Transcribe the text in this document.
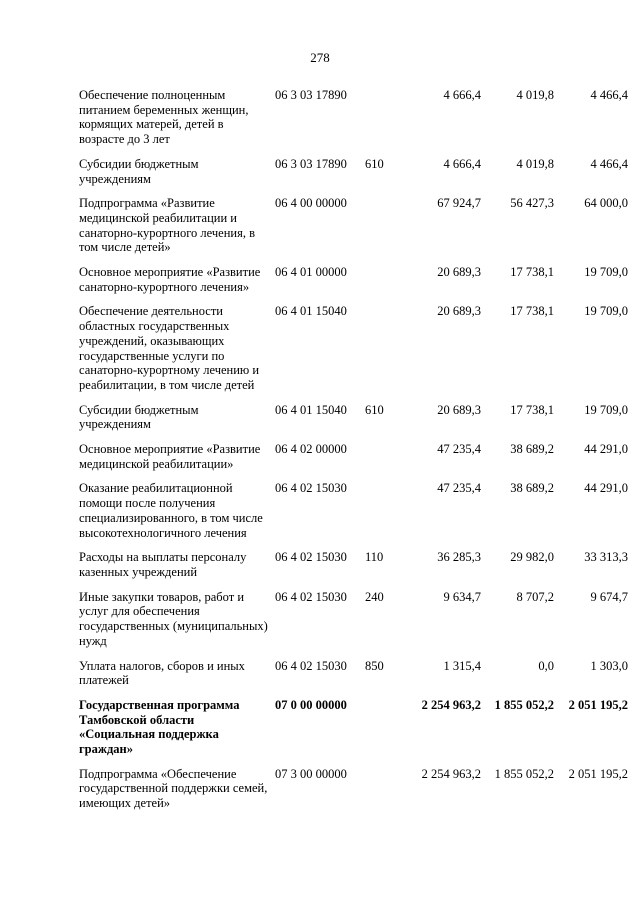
278
Обеспечение полноценным питанием беременных женщин, кормящих матерей, детей в возрасте до 3 лет	06 3 03 17890		4 666,4	4 019,8	4 466,4
Субсидии бюджетным учреждениям	06 3 03 17890	610	4 666,4	4 019,8	4 466,4
Подпрограмма «Развитие медицинской реабилитации и санаторно-курортного лечения, в том числе детей»	06 4 00 00000		67 924,7	56 427,3	64 000,0
Основное мероприятие «Развитие санаторно-курортного лечения»	06 4 01 00000		20 689,3	17 738,1	19 709,0
Обеспечение деятельности областных государственных учреждений, оказывающих государственные услуги по санаторно-курортному лечению и реабилитации, в том числе детей	06 4 01 15040		20 689,3	17 738,1	19 709,0
Субсидии бюджетным учреждениям	06 4 01 15040	610	20 689,3	17 738,1	19 709,0
Основное мероприятие «Развитие медицинской реабилитации»	06 4 02 00000		47 235,4	38 689,2	44 291,0
Оказание реабилитационной помощи после получения специализированного, в том числе высокотехнологичного лечения	06 4 02 15030		47 235,4	38 689,2	44 291,0
Расходы на выплаты персоналу казенных учреждений	06 4 02 15030	110	36 285,3	29 982,0	33 313,3
Иные закупки товаров, работ и услуг для обеспечения государственных (муниципальных) нужд	06 4 02 15030	240	9 634,7	8 707,2	9 674,7
Уплата налогов, сборов и иных платежей	06 4 02 15030	850	1 315,4	0,0	1 303,0
Государственная программа Тамбовской области «Социальная поддержка граждан»	07 0 00 00000		2 254 963,2	1 855 052,2	2 051 195,2
Подпрограмма «Обеспечение государственной поддержки семей, имеющих детей»	07 3 00 00000		2 254 963,2	1 855 052,2	2 051 195,2
